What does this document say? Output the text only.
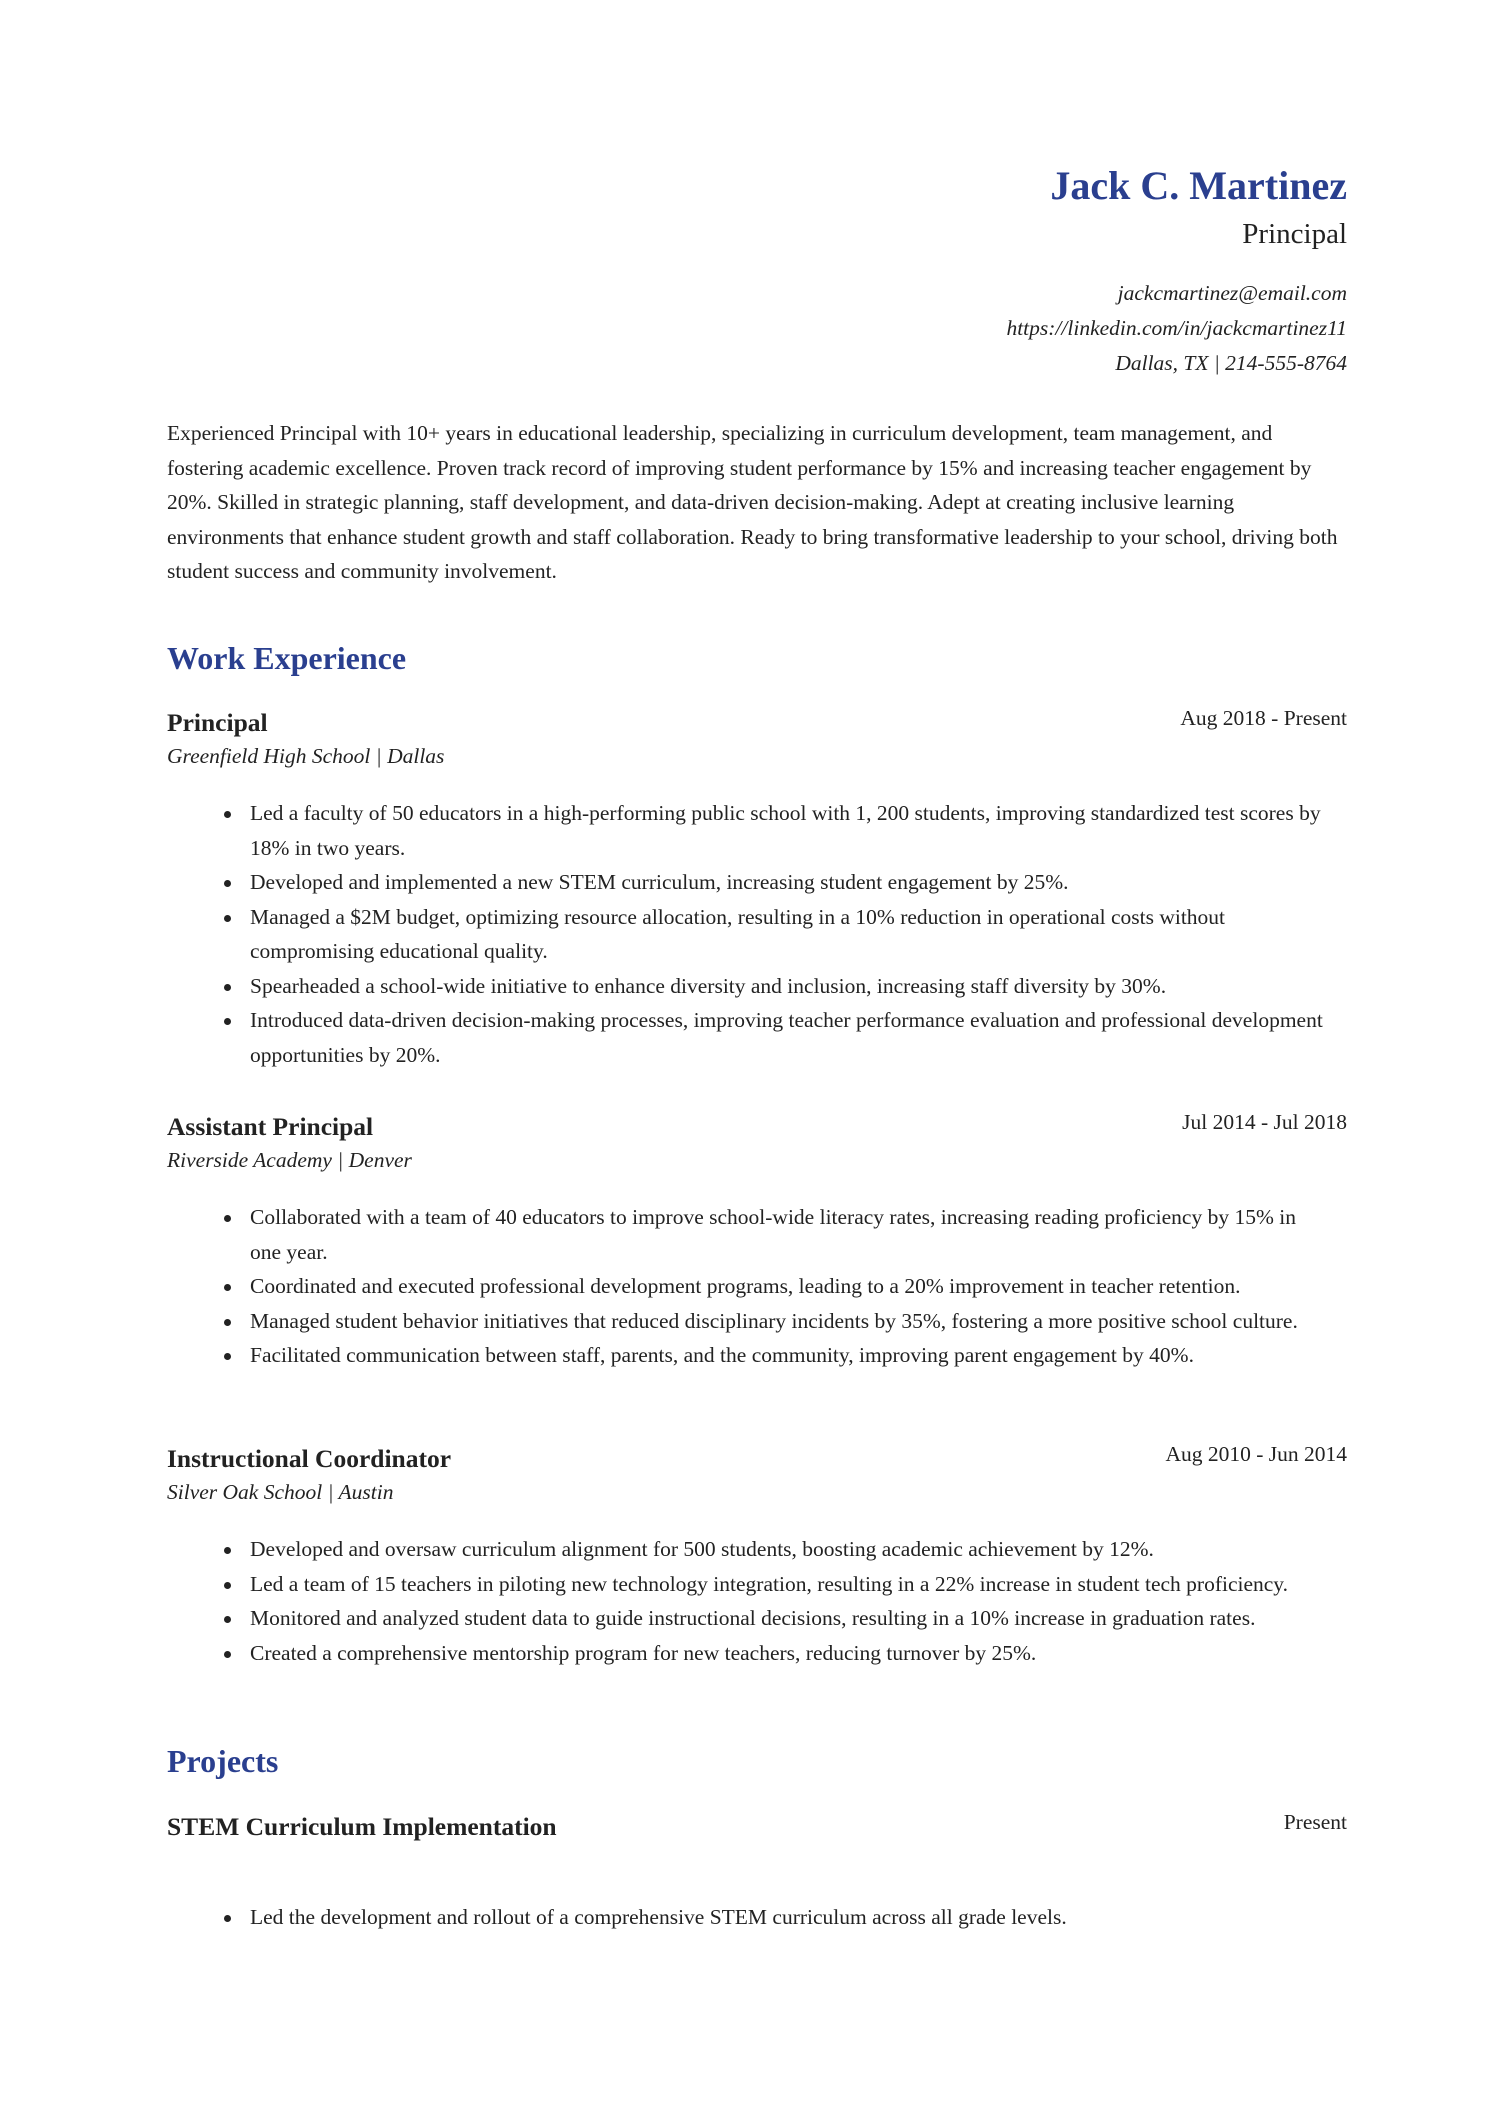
Jack C. Martinez
Principal
jackcmartinez@email.com
https://linkedin.com/in/jackcmartinez11
Dallas, TX | 214-555-8764
Experienced Principal with 10+ years in educational leadership, specializing in curriculum development, team management, and fostering academic excellence. Proven track record of improving student performance by 15% and increasing teacher engagement by 20%. Skilled in strategic planning, staff development, and data-driven decision-making. Adept at creating inclusive learning environments that enhance student growth and staff collaboration. Ready to bring transformative leadership to your school, driving both student success and community involvement.
Work Experience
Principal	Aug 2018 - Present
Greenfield High School | Dallas
Led a faculty of 50 educators in a high-performing public school with 1, 200 students, improving standardized test scores by 18% in two years.
Developed and implemented a new STEM curriculum, increasing student engagement by 25%.
Managed a $2M budget, optimizing resource allocation, resulting in a 10% reduction in operational costs without compromising educational quality.
Spearheaded a school-wide initiative to enhance diversity and inclusion, increasing staff diversity by 30%.
Introduced data-driven decision-making processes, improving teacher performance evaluation and professional development opportunities by 20%.
Assistant Principal	Jul 2014 - Jul 2018
Riverside Academy | Denver
Collaborated with a team of 40 educators to improve school-wide literacy rates, increasing reading proficiency by 15% in one year.
Coordinated and executed professional development programs, leading to a 20% improvement in teacher retention.
Managed student behavior initiatives that reduced disciplinary incidents by 35%, fostering a more positive school culture.
Facilitated communication between staff, parents, and the community, improving parent engagement by 40%.
Instructional Coordinator	Aug 2010 - Jun 2014
Silver Oak School | Austin
Developed and oversaw curriculum alignment for 500 students, boosting academic achievement by 12%.
Led a team of 15 teachers in piloting new technology integration, resulting in a 22% increase in student tech proficiency.
Monitored and analyzed student data to guide instructional decisions, resulting in a 10% increase in graduation rates.
Created a comprehensive mentorship program for new teachers, reducing turnover by 25%.
Projects
STEM Curriculum Implementation	Present
Led the development and rollout of a comprehensive STEM curriculum across all grade levels.
